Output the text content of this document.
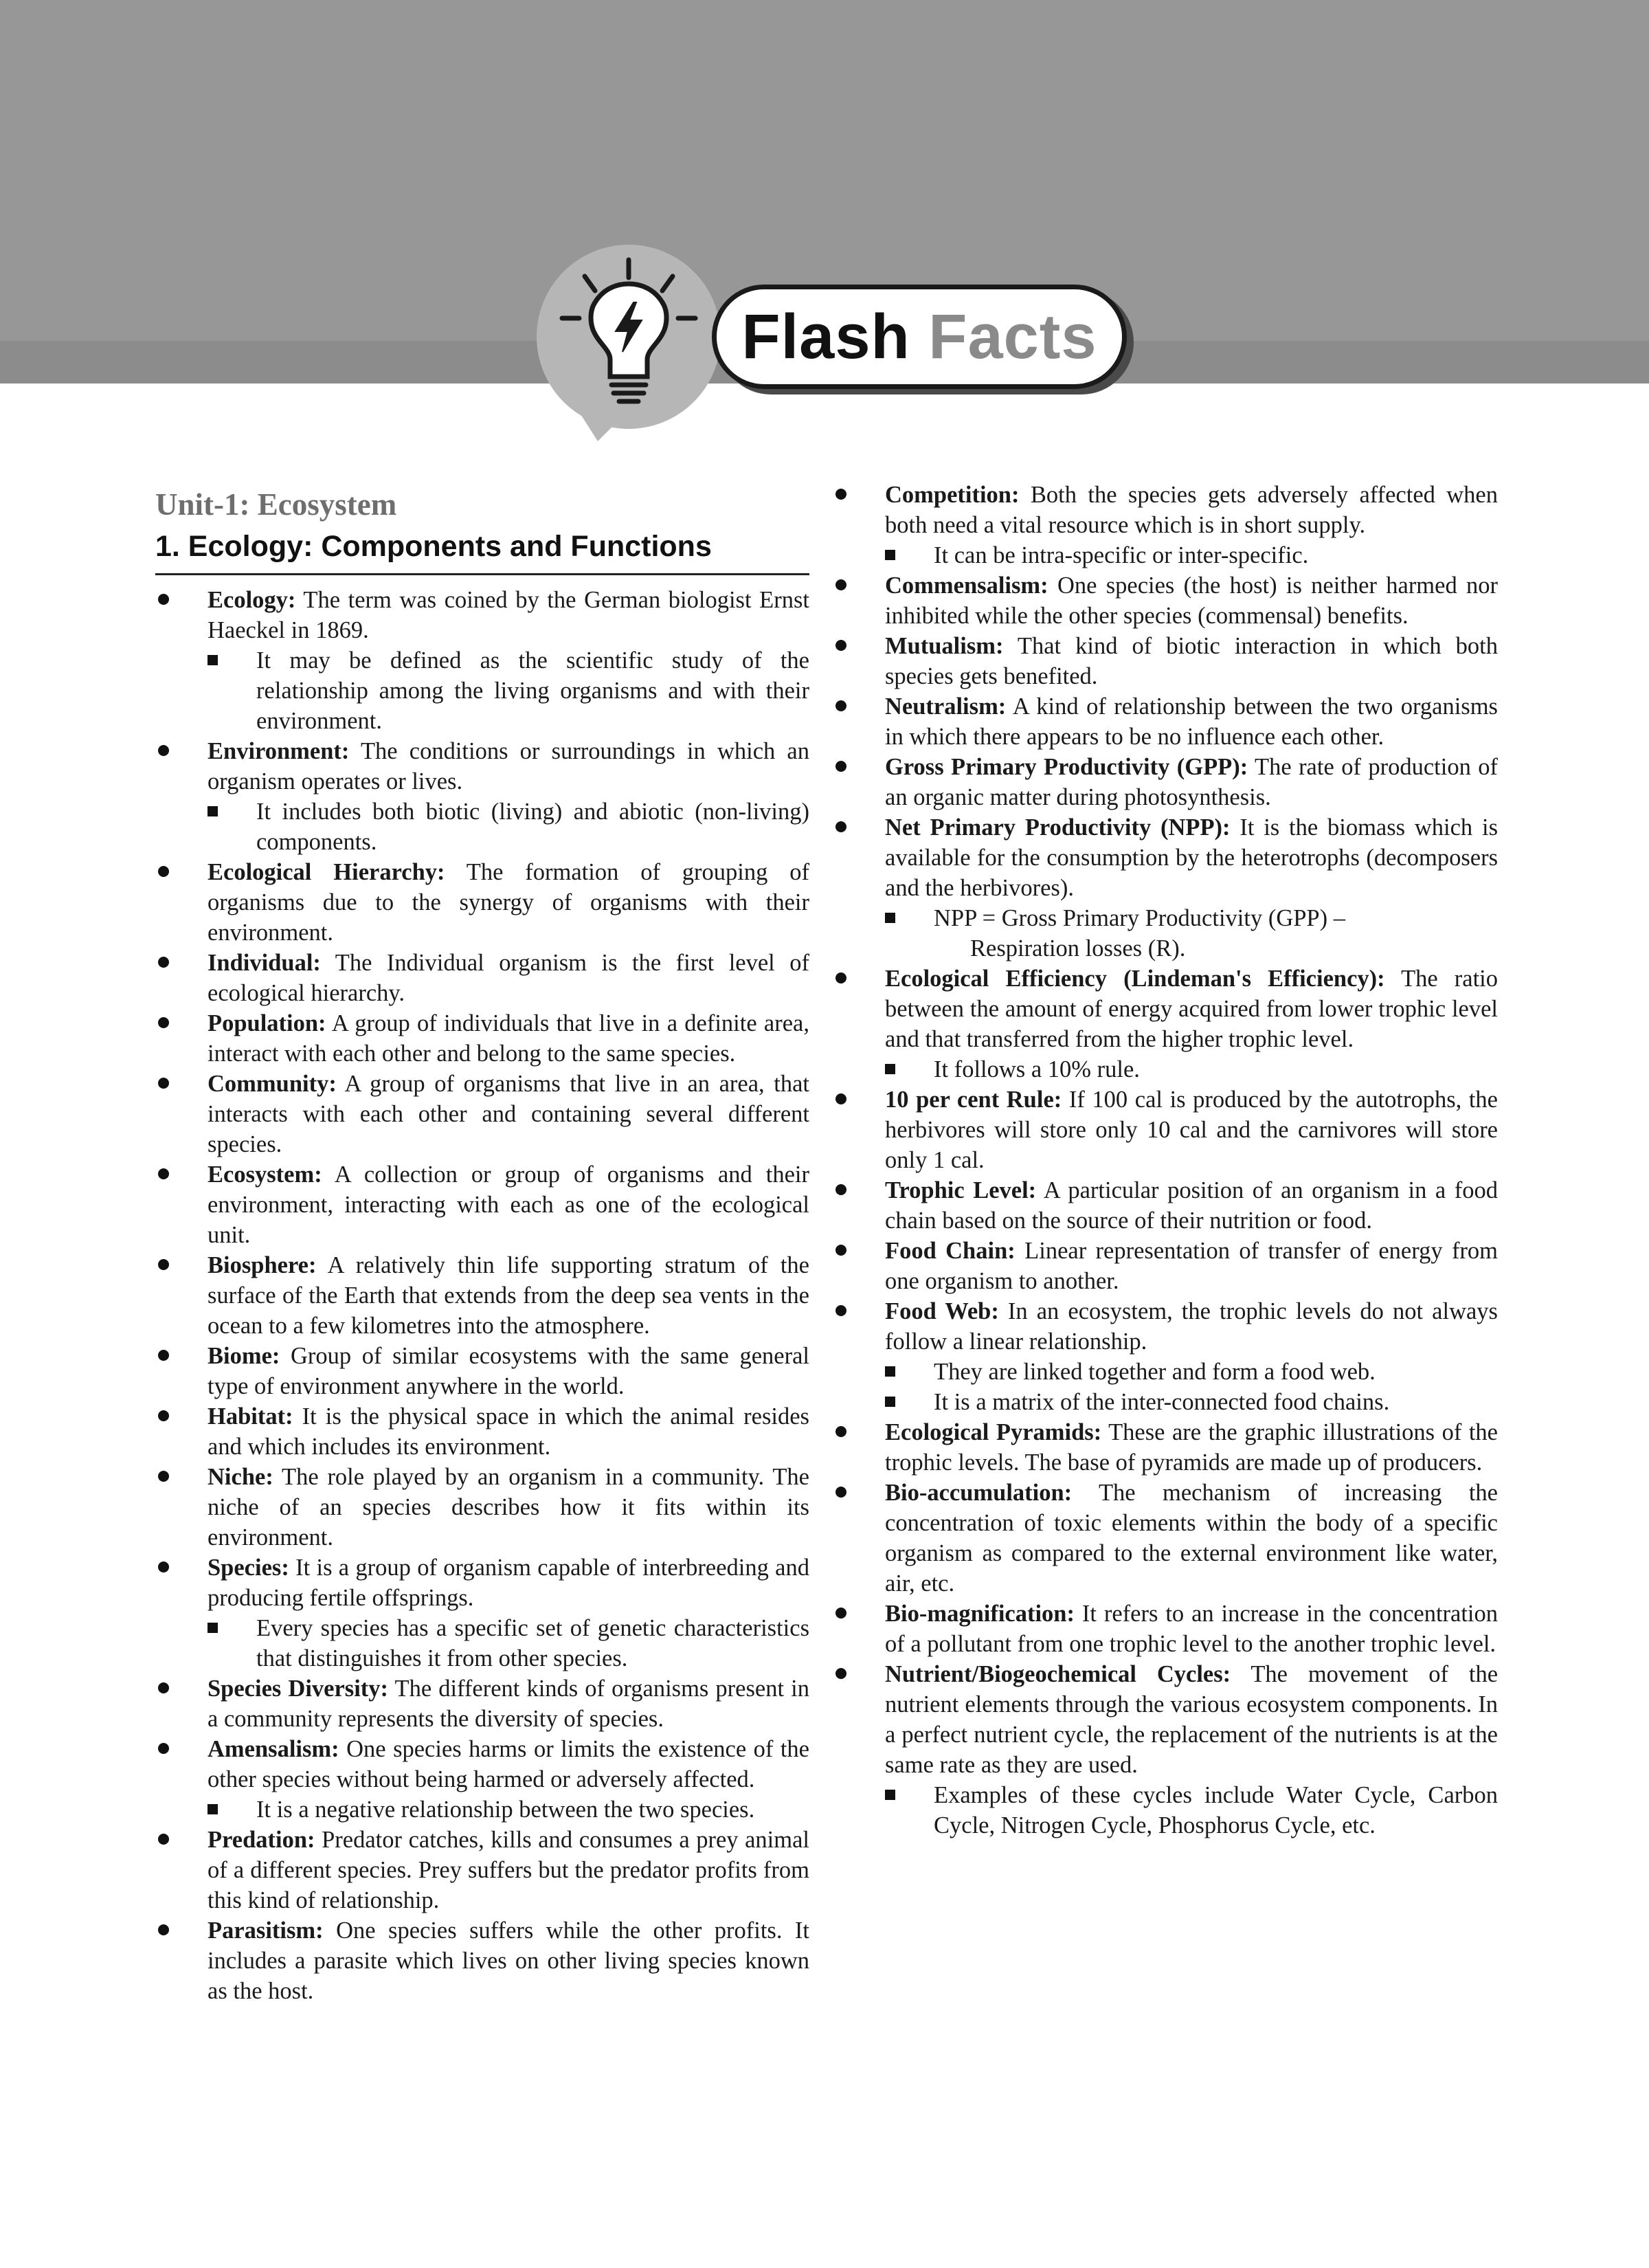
Flash Facts
Unit-1: Ecosystem
1. Ecology: Components and Functions
Ecology: The term was coined by the German biologist Ernst Haeckel in 1869.
It may be defined as the scientific study of the relationship among the living organisms and with their environment.
Environment: The conditions or surroundings in which an organism operates or lives.
It includes both biotic (living) and abiotic (non-living) components.
Ecological Hierarchy: The formation of grouping of organisms due to the synergy of organisms with their environment.
Individual: The Individual organism is the first level of ecological hierarchy.
Population: A group of individuals that live in a definite area, interact with each other and belong to the same species.
Community: A group of organisms that live in an area, that interacts with each other and containing several different species.
Ecosystem: A collection or group of organisms and their environment, interacting with each as one of the ecological unit.
Biosphere: A relatively thin life supporting stratum of the surface of the Earth that extends from the deep sea vents in the ocean to a few kilometres into the atmosphere.
Biome: Group of similar ecosystems with the same general type of environment anywhere in the world.
Habitat: It is the physical space in which the animal resides and which includes its environment.
Niche: The role played by an organism in a community. The niche of an species describes how it fits within its environment.
Species: It is a group of organism capable of interbreeding and producing fertile offsprings.
Every species has a specific set of genetic characteristics that distinguishes it from other species.
Species Diversity: The different kinds of organisms present in a community represents the diversity of species.
Amensalism: One species harms or limits the existence of the other species without being harmed or adversely affected.
It is a negative relationship between the two species.
Predation: Predator catches, kills and consumes a prey animal of a different species. Prey suffers but the predator profits from this kind of relationship.
Parasitism: One species suffers while the other profits. It includes a parasite which lives on other living species known as the host.
Competition: Both the species gets adversely affected when both need a vital resource which is in short supply.
It can be intra-specific or inter-specific.
Commensalism: One species (the host) is neither harmed nor inhibited while the other species (commensal) benefits.
Mutualism: That kind of biotic interaction in which both species gets benefited.
Neutralism: A kind of relationship between the two organisms in which there appears to be no influence each other.
Gross Primary Productivity (GPP): The rate of production of an organic matter during photosynthesis.
Net Primary Productivity (NPP): It is the biomass which is available for the consumption by the heterotrophs (decomposers and the herbivores).
NPP = Gross Primary Productivity (GPP) –
Respiration losses (R).
Ecological Efficiency (Lindeman's Efficiency): The ratio between the amount of energy acquired from lower trophic level and that transferred from the higher trophic level.
It follows a 10% rule.
10 per cent Rule: If 100 cal is produced by the autotrophs, the herbivores will store only 10 cal and the carnivores will store only 1 cal.
Trophic Level: A particular position of an organism in a food chain based on the source of their nutrition or food.
Food Chain: Linear representation of transfer of energy from one organism to another.
Food Web: In an ecosystem, the trophic levels do not always follow a linear relationship.
They are linked together and form a food web.
It is a matrix of the inter-connected food chains.
Ecological Pyramids: These are the graphic illustrations of the trophic levels. The base of pyramids are made up of producers.
Bio-accumulation: The mechanism of increasing the concentration of toxic elements within the body of a specific organism as compared to the external environment like water, air, etc.
Bio-magnification: It refers to an increase in the concentration of a pollutant from one trophic level to the another trophic level.
Nutrient/Biogeochemical Cycles: The movement of the nutrient elements through the various ecosystem components. In a perfect nutrient cycle, the replacement of the nutrients is at the same rate as they are used.
Examples of these cycles include Water Cycle, Carbon Cycle, Nitrogen Cycle, Phosphorus Cycle, etc.
